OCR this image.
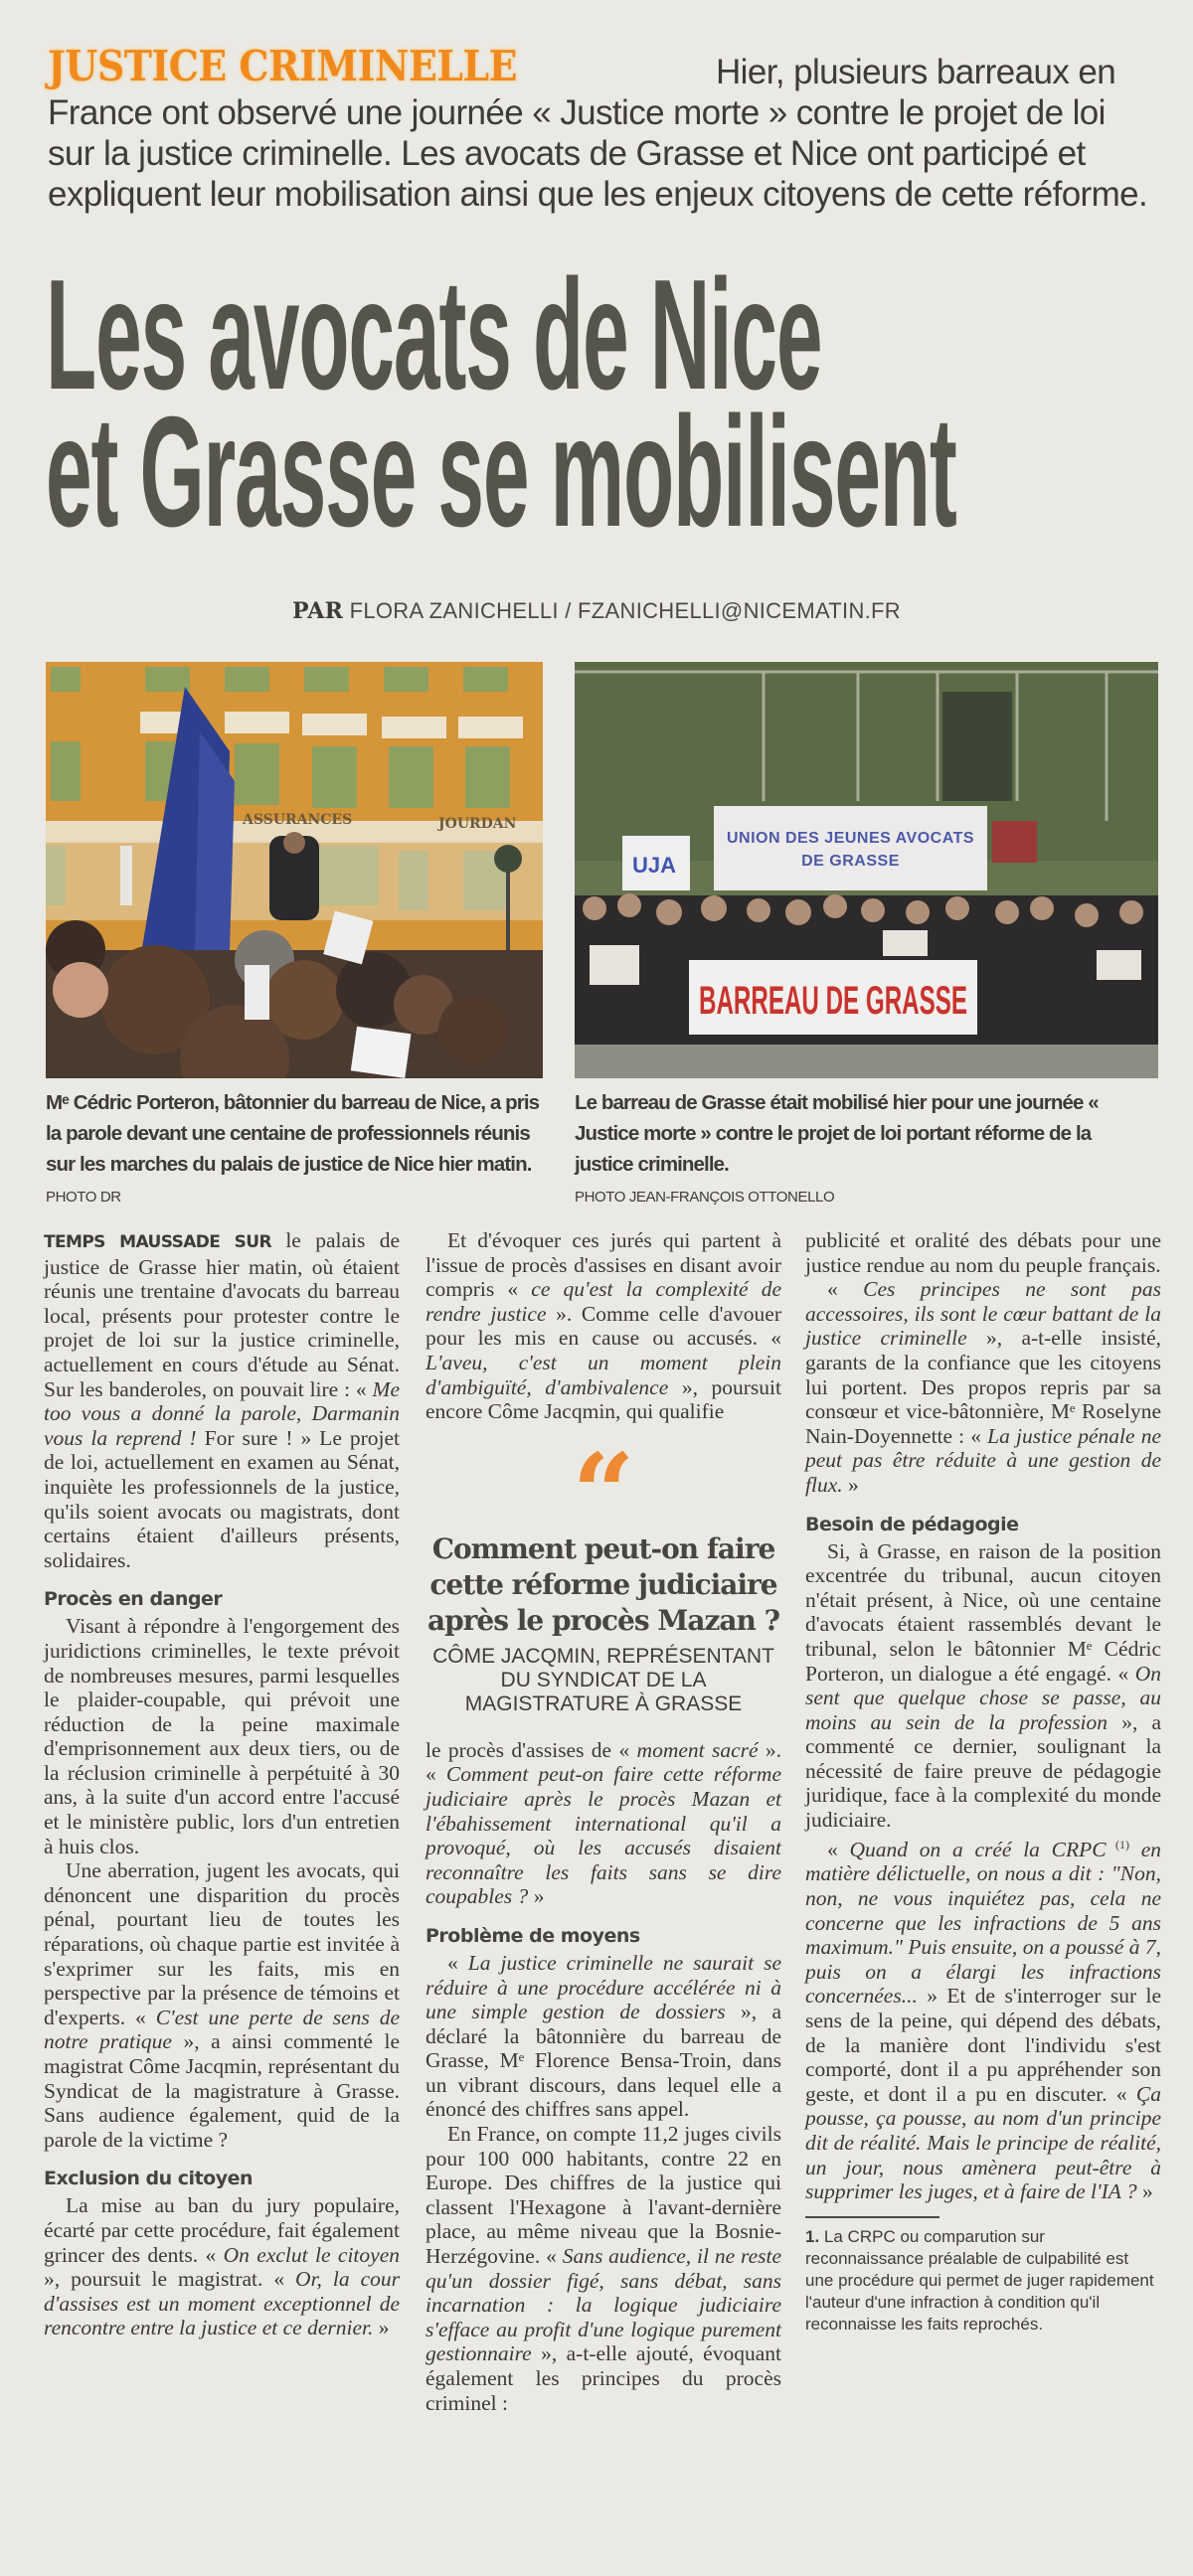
JUSTICE CRIMINELLE	Hier, plusieurs barreaux en France ont observé une journée « Justice morte » contre le projet de loi sur la justice criminelle. Les avocats de Grasse et Nice ont participé et expliquent leur mobilisation ainsi que les enjeux citoyens de cette réforme.
Les avocats de Nice
et Grasse se mobilisent
PAR FLORA ZANICHELLI / FZANICHELLI@NICEMATIN.FR
ASSURANCES	JOURDAN
UJA
BARREAU DE GRASSE
UNION DES JEUNES AVOCATS DE GRASSE
Mᵉ Cédric Porteron, bâtonnier du barreau de Nice, a pris la parole devant une centaine de professionnels réunis sur les marches du palais de justice de Nice hier matin. PHOTO DR
Le barreau de Grasse était mobilisé hier pour une journée « Justice morte » contre le projet de loi portant réforme de la justice criminelle.
PHOTO JEAN-FRANÇOIS OTTONELLO

TEMPS MAUSSADE SUR le palais de justice de Grasse hier matin, où étaient réunis une trentaine d'avocats du barreau local, présents pour protester contre le projet de loi sur la justice criminelle, actuellement en cours d'étude au Sénat. Sur les banderoles, on pouvait lire : « Me too vous a donné la parole, Darmanin vous la reprend ! For sure ! » Le projet de loi, actuellement en examen au Sénat, inquiète les professionnels de la justice, qu'ils soient avocats ou magistrats, dont certains étaient d'ailleurs présents, solidaires.

Procès en danger

Visant à répondre à l'engorgement des juridictions criminelles, le texte prévoit de nombreuses mesures, parmi lesquelles le plaider-coupable, qui prévoit une réduction de la peine maximale d'emprisonnement aux deux tiers, ou de la réclusion criminelle à perpétuité à 30 ans, à la suite d'un accord entre l'accusé et le ministère public, lors d'un entretien à huis clos.

Une aberration, jugent les avocats, qui dénoncent une disparition du procès pénal, pourtant lieu de toutes les réparations, où chaque partie est invitée à s'exprimer sur les faits, mis en perspective par la présence de témoins et d'experts. « C'est une perte de sens de notre pratique », a ainsi commenté le magistrat Côme Jacqmin, représentant du Syndicat de la magistrature à Grasse. Sans audience également, quid de la parole de la victime ?

Exclusion du citoyen

La mise au ban du jury populaire, écarté par cette procédure, fait également grincer des dents. « On exclut le citoyen », poursuit le magistrat. « Or, la cour d'assises est un moment exceptionnel de rencontre entre la justice et ce dernier. »

Et d'évoquer ces jurés qui partent à l'issue de procès d'assises en disant avoir compris « ce qu'est la complexité de rendre justice ». Comme celle d'avouer pour les mis en cause ou accusés. « L'aveu, c'est un moment plein d'ambiguïté, d'ambivalence », poursuit encore Côme Jacqmin, qui qualifie

“
Comment peut-on faire cette réforme judiciaire après le procès Mazan ?
CÔME JACQMIN, REPRÉSENTANT DU SYNDICAT DE LA MAGISTRATURE À GRASSE

le procès d'assises de « moment sacré ». « Comment peut-on faire cette réforme judiciaire après le procès Mazan et l'ébahissement international qu'il a provoqué, où les accusés disaient reconnaître les faits sans se dire coupables ? »

Problème de moyens

« La justice criminelle ne saurait se réduire à une procédure accélérée ni à une simple gestion de dossiers », a déclaré la bâtonnière du barreau de Grasse, Mᵉ Florence Bensa-Troin, dans un vibrant discours, dans lequel elle a énoncé des chiffres sans appel.

En France, on compte 11,2 juges civils pour 100 000 habitants, contre 22 en Europe. Des chiffres de la justice qui classent l'Hexagone à l'avant-dernière place, au même niveau que la Bosnie-Herzégovine. « Sans audience, il ne reste qu'un dossier figé, sans débat, sans incarnation : la logique judiciaire s'efface au profit d'une logique purement gestionnaire », a-t-elle ajouté, évoquant également les principes du procès criminel :

publicité et oralité des débats pour une justice rendue au nom du peuple français.

« Ces principes ne sont pas accessoires, ils sont le cœur battant de la justice criminelle », a-t-elle insisté, garants de la confiance que les citoyens lui portent. Des propos repris par sa consœur et vice-bâtonnière, Mᵉ Roselyne Nain-Doyennette : « La justice pénale ne peut pas être réduite à une gestion de flux. »

Besoin de pédagogie

Si, à Grasse, en raison de la position excentrée du tribunal, aucun citoyen n'était présent, à Nice, où une centaine d'avocats étaient rassemblés devant le tribunal, selon le bâtonnier Mᵉ Cédric Porteron, un dialogue a été engagé. « On sent que quelque chose se passe, au moins au sein de la profession », a commenté ce dernier, soulignant la nécessité de faire preuve de pédagogie juridique, face à la complexité du monde judiciaire.

« Quand on a créé la CRPC $^{(1)}$ en matière délictuelle, on nous a dit : "Non, non, ne vous inquiétez pas, cela ne concerne que les infractions de 5 ans maximum." Puis ensuite, on a poussé à 7, puis on a élargi les infractions concernées... » Et de s'interroger sur le sens de la peine, qui dépend des débats, de la manière dont l'individu s'est comporté, dont il a pu appréhender son geste, et dont il a pu en discuter. « Ça pousse, ça pousse, au nom d'un principe dit de réalité. Mais le principe de réalité, un jour, nous amènera peut-être à supprimer les juges, et à faire de l'IA ? »

1. La CRPC ou comparution sur reconnaissance préalable de culpabilité est une procédure qui permet de juger rapidement l'auteur d'une infraction à condition qu'il reconnaisse les faits reprochés.
